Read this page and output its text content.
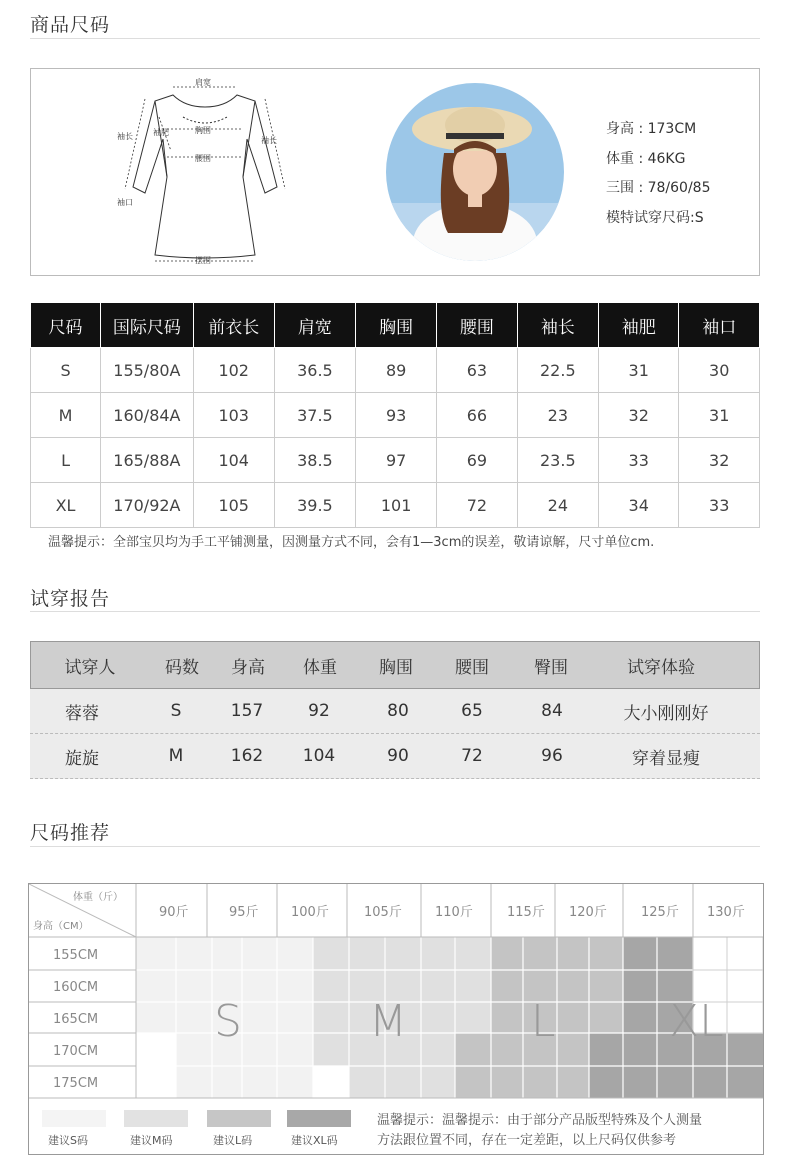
商品尺码
肩宽
胸围
腰围
摆围
袖长	袖长
袖肥
袖口
身高 : 173CM
体重 : 46KG
三围 : 78/60/85
模特试穿尺码:S
尺码	国际尺码	前衣长	肩宽	胸围	腰围	袖长	袖肥	袖口
S	155/80A	102	36.5	89	63	22.5	31	30
M	160/84A	103	37.5	93	66	23	32	31
L	165/88A	104	38.5	97	69	23.5	33	32
XL	170/92A	105	39.5	101	72	24	34	33
温馨提示：全部宝贝均为手工平铺测量，因测量方式不同，会有1—3cm的误差，敬请谅解，尺寸单位cm.
试穿报告
试穿人	码数	身高	体重	胸围	腰围	臀围	试穿体验
蓉蓉	S	157	92	80	65	84	大小刚刚好
旋旋	M	162	104	90	72	96	穿着显瘦
尺码推荐
体重（斤）
身高（CM）
90斤	95斤 100斤	105斤	110斤	115斤 120斤	125斤 130斤
155CM
160CM
165CM
170CM
175CM
S	M	L	XL
建议S码	建议M码	建议L码	建议XL码
温馨提示：温馨提示：由于部分产品版型特殊及个人测量
方法跟位置不同，存在一定差距，以上尺码仅供参考
